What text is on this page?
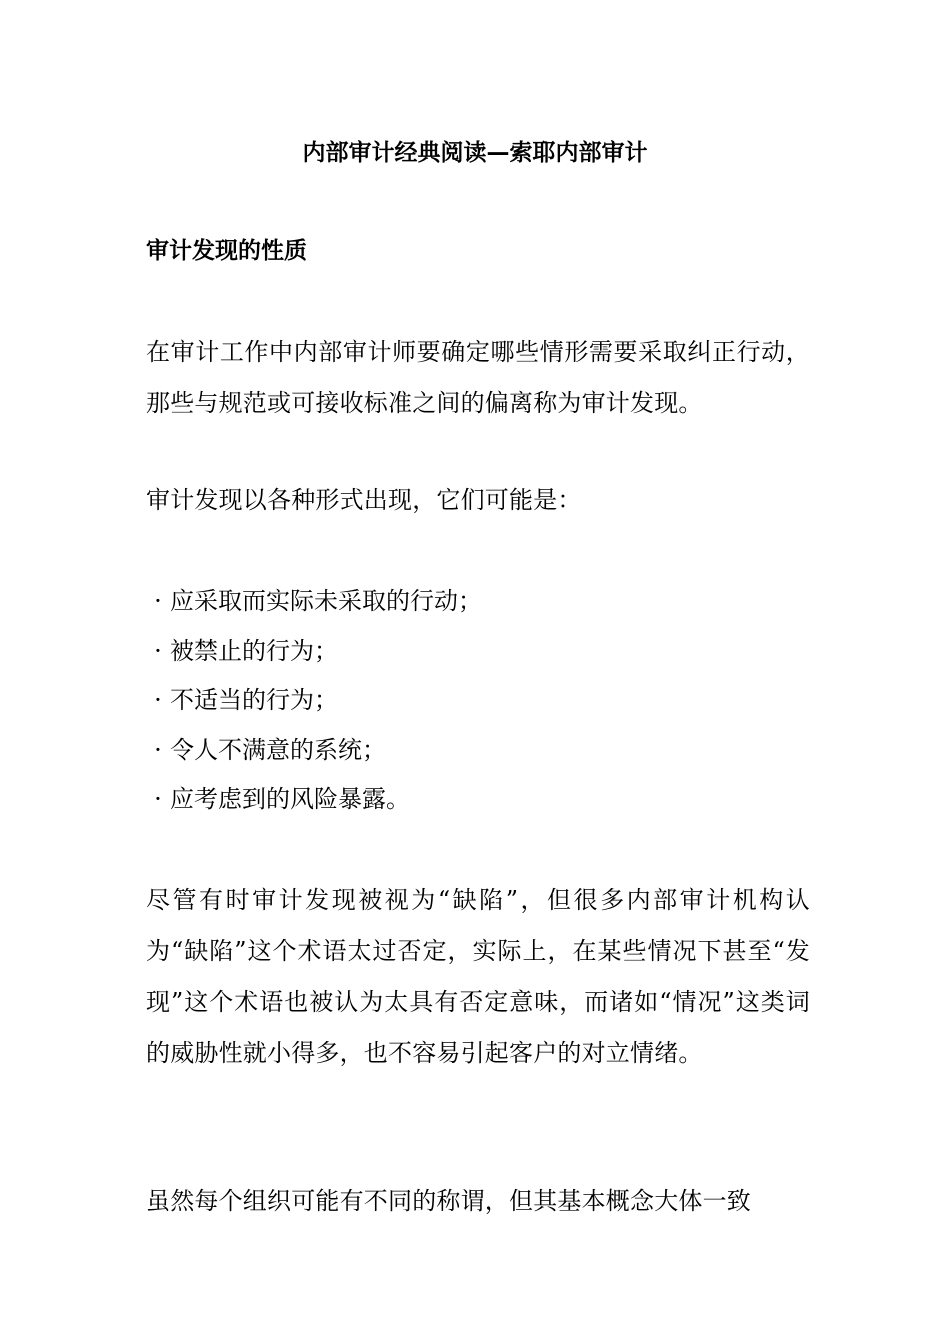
内部审计经典阅读—索耶内部审计
审计发现的性质

在审计工作中内部审计师要确定哪些情形需要采取纠正行动，那些与规范或可接收标准之间的偏离称为审计发现。

审计发现以各种形式出现，它们可能是：

· 应采取而实际未采取的行动；
· 被禁止的行为；
· 不适当的行为；
· 令人不满意的系统；
· 应考虑到的风险暴露。

尽管有时审计发现被视为“缺陷”，但很多内部审计机构认为“缺陷”这个术语太过否定，实际上，在某些情况下甚至“发现”这个术语也被认为太具有否定意味，而诸如“情况”这类词的威胁性就小得多，也不容易引起客户的对立情绪。

虽然每个组织可能有不同的称谓，但其基本概念大体一致
